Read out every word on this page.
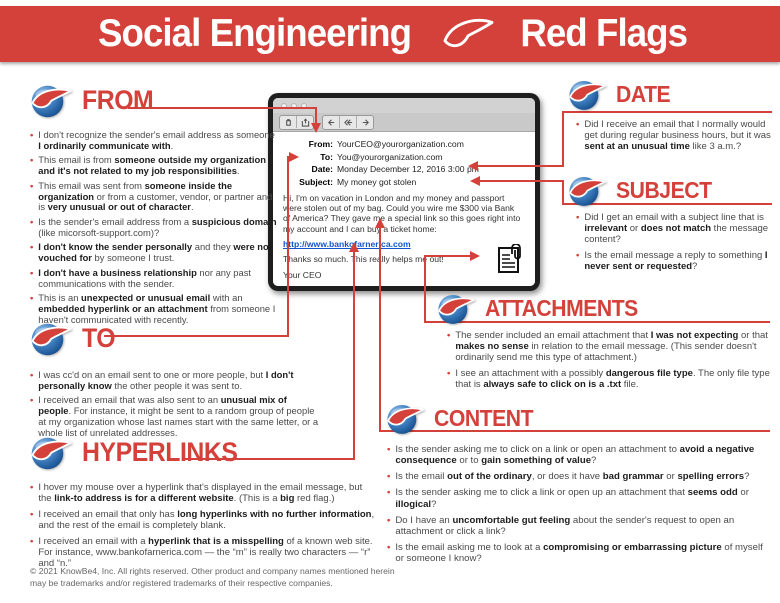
Social Engineering	Red Flags
FROM
TO
HYPERLINKS
DATE
SUBJECT
ATTACHMENTS
CONTENT
• I don't recognize the sender's email address as someone I ordinarily communicate with.
• This email is from someone outside my organization and it's not related to my job responsibilities.
• This email was sent from someone inside the organization or from a customer, vendor, or partner and is very unusual or out of character.
• Is the sender's email address from a suspicious domain (like micorsoft-support.com)?
• I don't know the sender personally and they were not vouched for by someone I trust.
• I don't have a business relationship nor any past communications with the sender.
• This is an unexpected or unusual email with an embedded hyperlink or an attachment from someone I haven't communicated with recently.
• I was cc'd on an email sent to one or more people, but I don't personally know the other people it was sent to.
• I received an email that was also sent to an unusual mix of people. For instance, it might be sent to a random group of people at my organization whose last names start with the same letter, or a whole list of unrelated addresses.
• I hover my mouse over a hyperlink that's displayed in the email message, but the link-to address is for a different website. (This is a big red flag.)
• I received an email that only has long hyperlinks with no further information, and the rest of the email is completely blank.
• I received an email with a hyperlink that is a misspelling of a known web site. For instance, www.bankofarnerica.com — the “m” is really two characters — “r” and “n.”
• Did I receive an email that I normally would get during regular business hours, but it was sent at an unusual time like 3 a.m.?
• Did I get an email with a subject line that is irrelevant or does not match the message content?
• Is the email message a reply to something I never sent or requested?
• The sender included an email attachment that I was not expecting or that makes no sense in relation to the email message. (This sender doesn't ordinarily send me this type of attachment.)
• I see an attachment with a possibly dangerous file type. The only file type that is always safe to click on is a .txt file.
• Is the sender asking me to click on a link or open an attachment to avoid a negative consequence or to gain something of value?
• Is the email out of the ordinary, or does it have bad grammar or spelling errors?
• Is the sender asking me to click a link or open up an attachment that seems odd or illogical?
• Do I have an uncomfortable gut feeling about the sender's request to open an attachment or click a link?
• Is the email asking me to look at a compromising or embarrassing picture of myself or someone I know?
From: YourCEO@yourorganization.com
To: You@yourorganization.com
Date: Monday December 12, 2016 3:00 pm
Subject: My money got stolen

Hi, I'm on vacation in London and my money and passport were stolen out of my bag. Could you wire me $300 via Bank of America? They gave me a special link so this goes right into my account and I can buy a ticket home:

http://www.bankofarnerica.com

Thanks so much. This really helps me out!

Your CEO

© 2021 KnowBe4, Inc. All rights reserved. Other product and company names mentioned herein
may be trademarks and/or registered trademarks of their respective companies.
